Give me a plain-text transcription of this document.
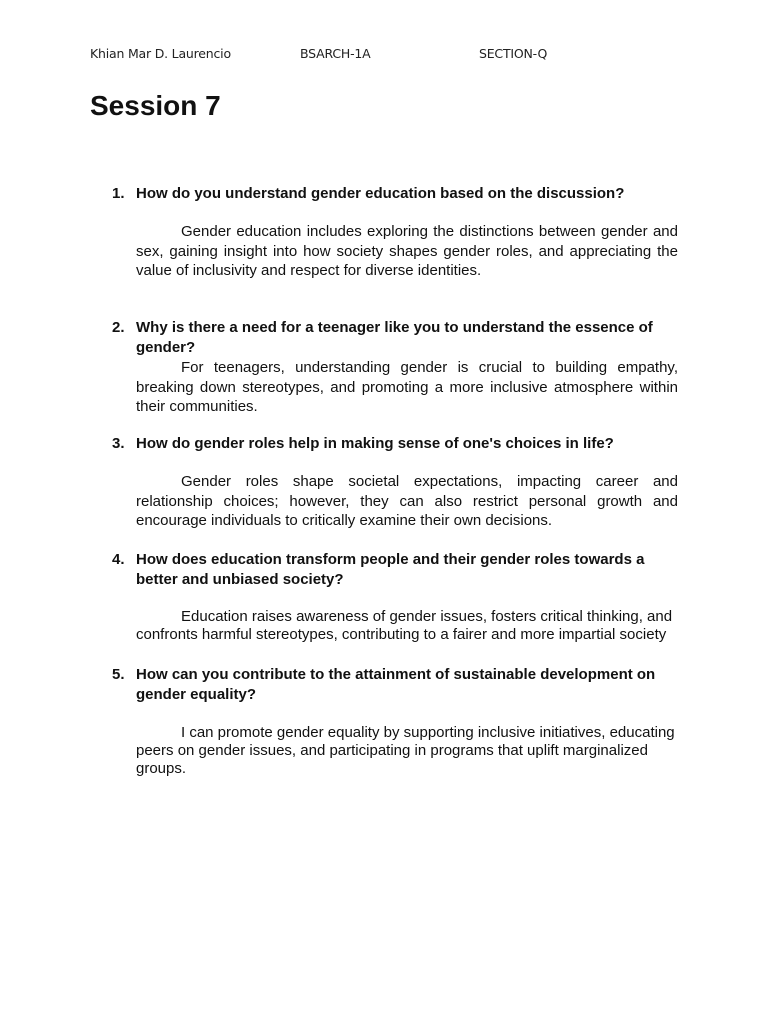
Khian Mar D. Laurencio	BSARCH-1A	SECTION-Q
Session 7
1. How do you understand gender education based on the discussion?
Gender education includes exploring the distinctions between gender and sex, gaining insight into how society shapes gender roles, and appreciating the value of inclusivity and respect for diverse identities.
2. Why is there a need for a teenager like you to understand the essence of gender?
For teenagers, understanding gender is crucial to building empathy, breaking down stereotypes, and promoting a more inclusive atmosphere within their communities.
3. How do gender roles help in making sense of one's choices in life?
Gender roles shape societal expectations, impacting career and relationship choices; however, they can also restrict personal growth and encourage individuals to critically examine their own decisions.
4. How does education transform people and their gender roles towards a better and unbiased society?
Education raises awareness of gender issues, fosters critical thinking, and confronts harmful stereotypes, contributing to a fairer and more impartial society
5. How can you contribute to the attainment of sustainable development on gender equality?
I can promote gender equality by supporting inclusive initiatives, educating peers on gender issues, and participating in programs that uplift marginalized groups.
